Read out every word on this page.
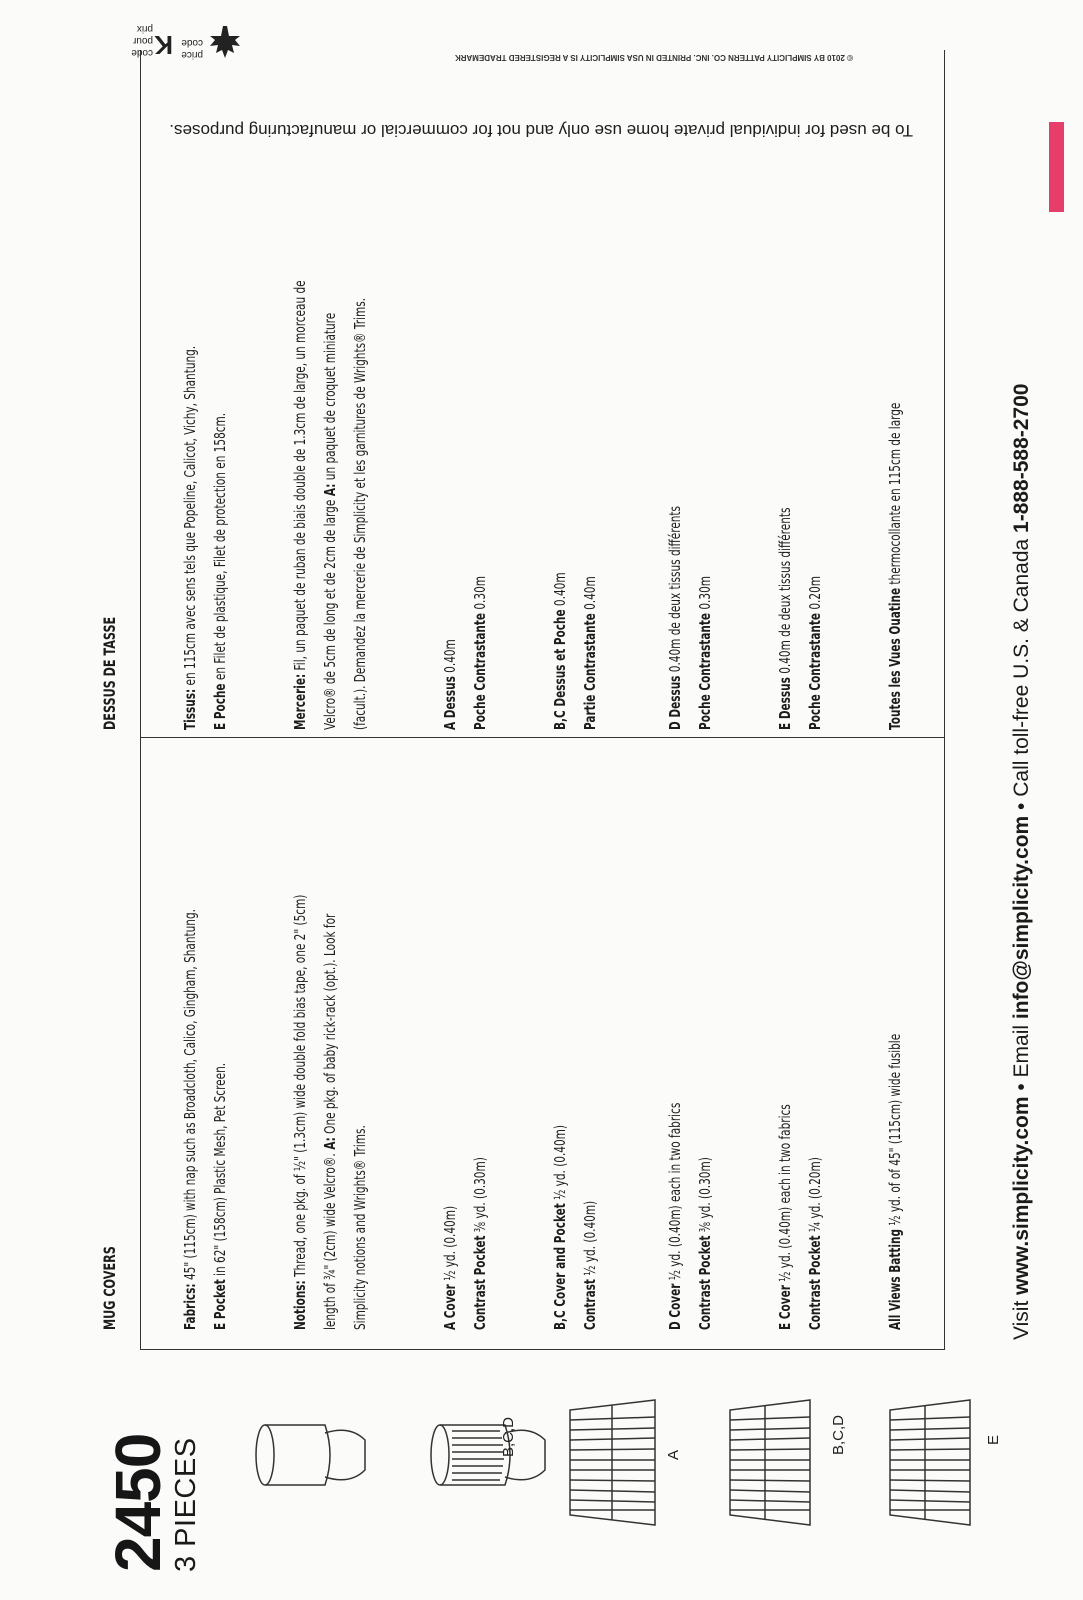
2450
3 PIECES
B,C,D	A	B,C,D	E
MUG COVERS	Fabrics: 45" (115cm) with nap such as Broadcloth, Calico, Gingham, Shantung.
E Pocket in 62" (158cm) Plastic Mesh, Pet Screen.
Notions: Thread, one pkg. of ½" (1.3cm) wide double fold bias tape, one 2" (5cm) length of ¾" (2cm) wide Velcro®. A: One pkg. of baby rick-rack (opt.). Look for
Simplicity notions and Wrights® Trims.	A Cover ½ yd. (0.40m) Contrast Pocket ⅜ yd. (0.30m)
B,C Cover and Pocket ½ yd. (0.40m)
Contrast ½ yd. (0.40m)
D Cover ½ yd. (0.40m) each in two fabrics Contrast Pocket ⅜ yd. (0.30m)
E Cover ½ yd. (0.40m) each in two fabrics Contrast Pocket ¼ yd. (0.20m)
All Views Batting ½ yd. of of 45" (115cm) wide fusible
DESSUS DE TASSE	Tissus: en 115cm avec sens tels que Popeline, Calicot, Vichy, Shantung.
E Poche en Filet de plastique, Filet de protection en 158cm.
Mercerie: Fil, un paquet de ruban de biais double de 1.3cm de large, un morceau de Velcro® de 5cm de long et de 2cm de large A: un paquet de croquet miniature (facult.). Demandez la mercerie de Simplicity et les garnitures de Wrights® Trims.	A Dessus 0.40m Poche Contrastante 0.30m
B,C Dessus et Poche 0.40m
Partie Contrastante 0.40m
D Dessus 0.40m de deux tissus différents Poche Contrastante 0.30m
E Dessus 0.40m de deux tissus différents Poche Contrastante 0.20m	Toutes les Vues Ouatine thermocollante en 115cm de large
Visit www.simplicity.com • Email info@simplicity.com • Call toll-free U.S. & Canada 1-888-588-2700
To be used for individual private home use only and not for commercial or manufacturing purposes.
© 2010 BY SIMPLICITY PATTERN CO. INC. PRINTED IN USA SIMPLICITY IS A REGISTERED TRADEMARK
price
code
K
code
pour
prix
